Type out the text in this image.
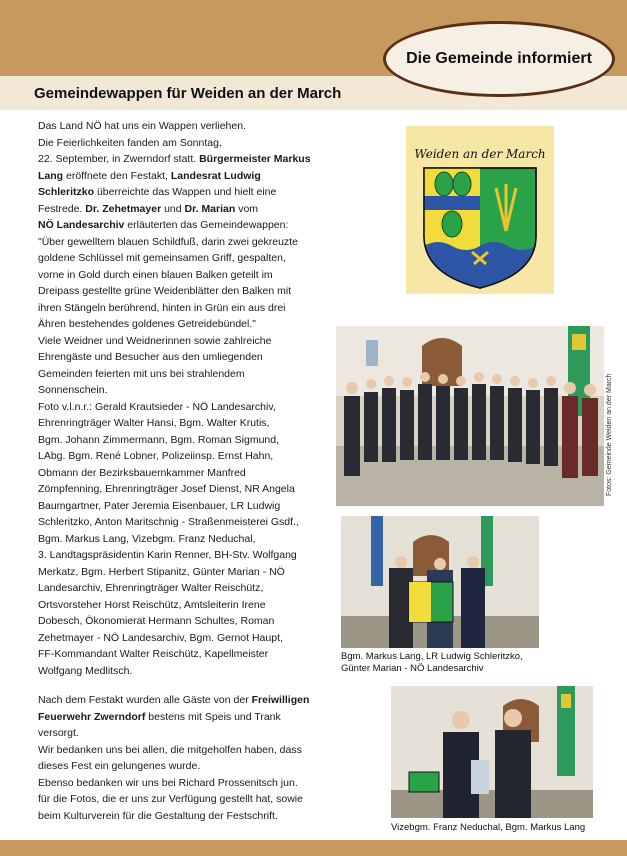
Die Gemeinde informiert
Gemeindewappen für Weiden an der March
Das Land NÖ hat uns ein Wappen verliehen.
Die Feierlichkeiten fanden am Sonntag,
22. September, in Zwerndorf statt. Bürgermeister Markus
Lang eröffnete den Festakt, Landesrat Ludwig
Schleritzko überreichte das Wappen und hielt eine
Festrede. Dr. Zehetmayer und Dr. Marian vom
NÖ Landesarchiv erläuterten das Gemeindewappen:
"Über gewelltem blauen Schildfuß, darin zwei gekreuzte
goldene Schlüssel mit gemeinsamen Griff, gespalten,
vorne in Gold durch einen blauen Balken geteilt im
Dreipass gestellte grüne Weidenblätter den Balken mit
ihren Stängeln berührend, hinten in Grün ein aus drei
Ähren bestehendes goldenes Getreidebündel."
Viele Weidner und Weidnerinnen sowie zahlreiche
Ehrengäste und Besucher aus den umliegenden
Gemeinden feierten mit uns bei strahlendem
Sonnenschein.
Foto v.l.n.r.: Gerald Krautsieder - NÖ Landesarchiv,
Ehrenringträger Walter Hansi, Bgm. Walter Krutis,
Bgm. Johann Zimmermann, Bgm. Roman Sigmund,
LAbg. Bgm. René Lobner, Polizeiinsp. Ernst Hahn,
Obmann der Bezirksbauernkammer Manfred
Zömpfenning, Ehrenringträger Josef Dienst, NR Angela
Baumgartner, Pater Jeremia Eisenbauer, LR Ludwig
Schleritzko, Anton Maritschnig - Straßenmeisterei Gsdf.,
Bgm. Markus Lang, Vizebgm. Franz Neduchal,
3. Landtagspräsidentin Karin Renner, BH-Stv. Wolfgang
Merkatz, Bgm. Herbert Stipanitz, Günter Marian - NÖ
Landesarchiv, Ehrenringträger Walter Reischütz,
Ortsvorsteher Horst Reischütz, Amtsleiterin Irene
Dobesch, Ökonomierat Hermann Schultes, Roman
Zehetmayer - NÖ Landesarchiv, Bgm. Gernot Haupt,
FF-Kommandant Walter Reischütz, Kapellmeister
Wolfgang Medlitsch.
Nach dem Festakt wurden alle Gäste von der Freiwilligen
Feuerwehr Zwerndorf bestens mit Speis und Trank
versorgt.
Wir bedanken uns bei allen, die mitgeholfen haben, dass
dieses Fest ein gelungenes wurde.
Ebenso bedanken wir uns bei Richard Prossenitsch jun.
für die Fotos, die er uns zur Verfügung gestellt hat, sowie
beim Kulturverein für die Gestaltung der Festschrift.
Weiden an der March
Fotos: Gemeinde Weiden an der March
Bgm. Markus Lang, LR Ludwig Schleritzko,
Günter Marian - NÖ Landesarchiv
Vizebgm. Franz Neduchal, Bgm. Markus Lang
